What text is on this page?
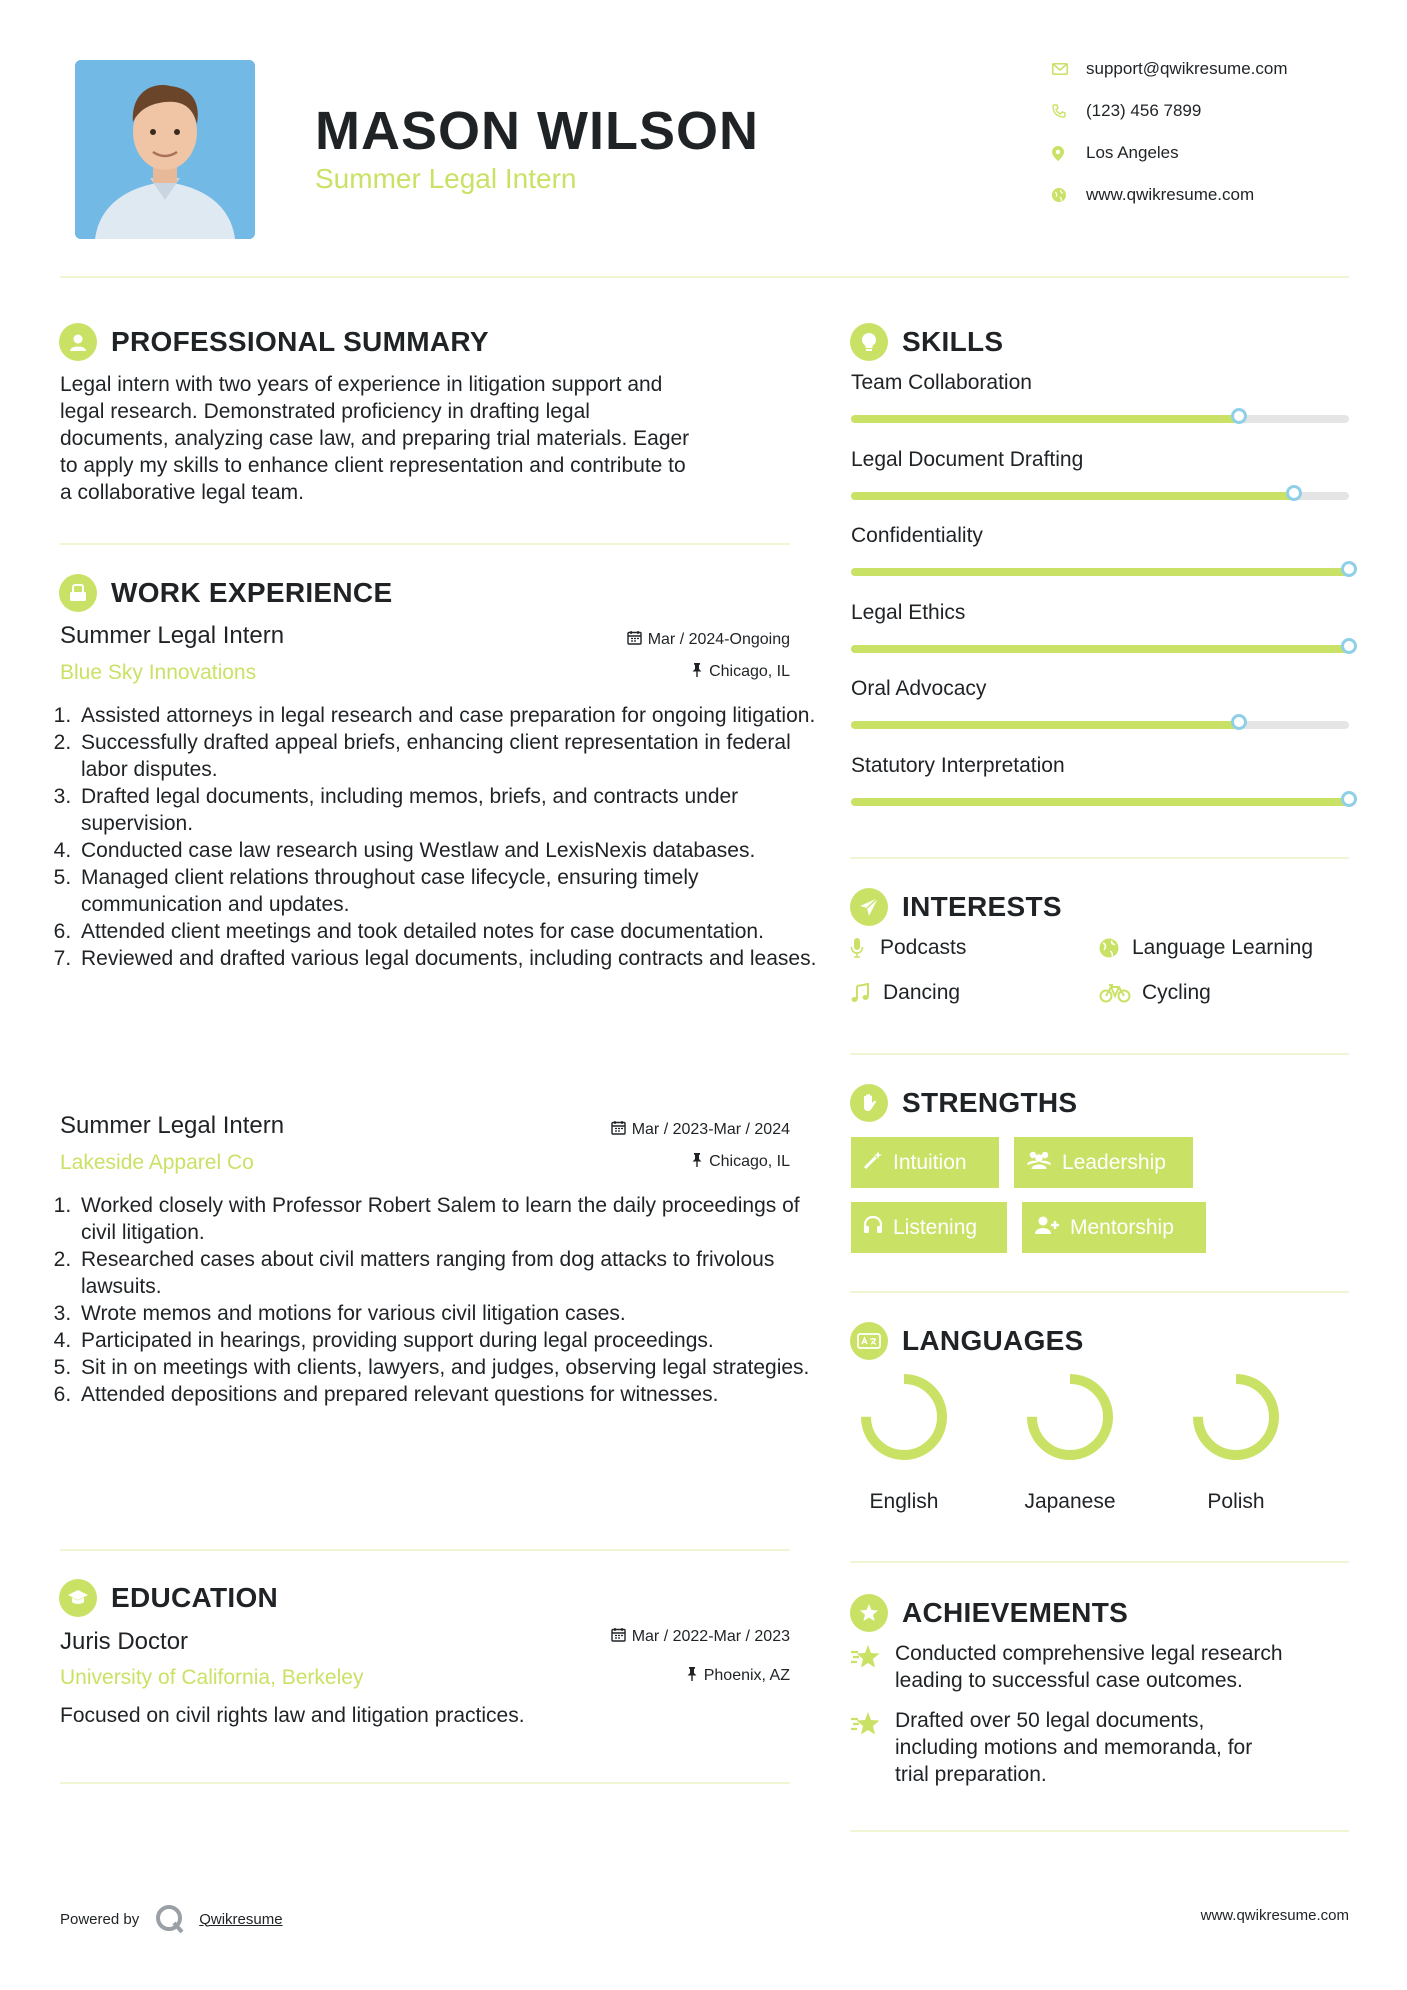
MASON WILSON
Summer Legal Intern
support@qwikresume.com
(123) 456 7899
Los Angeles
www.qwikresume.com
PROFESSIONAL SUMMARY
Legal intern with two years of experience in litigation support and
legal research. Demonstrated proficiency in drafting legal
documents, analyzing case law, and preparing trial materials. Eager
to apply my skills to enhance client representation and contribute to
a collaborative legal team.
WORK EXPERIENCE
Summer Legal Intern	Mar / 2024-Ongoing
Blue Sky Innovations	Chicago, IL
1. Assisted attorneys in legal research and case preparation for ongoing litigation.
2. Successfully drafted appeal briefs, enhancing client representation in federal labor disputes.
3. Drafted legal documents, including memos, briefs, and contracts under supervision.
4. Conducted case law research using Westlaw and LexisNexis databases.
5. Managed client relations throughout case lifecycle, ensuring timely communication and updates.
6. Attended client meetings and took detailed notes for case documentation.
7. Reviewed and drafted various legal documents, including contracts and leases.
Summer Legal Intern	Mar / 2023-Mar / 2024
Lakeside Apparel Co	Chicago, IL
1. Worked closely with Professor Robert Salem to learn the daily proceedings of civil litigation.
2. Researched cases about civil matters ranging from dog attacks to frivolous lawsuits.
3. Wrote memos and motions for various civil litigation cases.
4. Participated in hearings, providing support during legal proceedings.
5. Sit in on meetings with clients, lawyers, and judges, observing legal strategies.
6. Attended depositions and prepared relevant questions for witnesses.
EDUCATION
Juris Doctor	Mar / 2022-Mar / 2023
University of California, Berkeley	Phoenix, AZ
Focused on civil rights law and litigation practices.
SKILLS
Team Collaboration
Legal Document Drafting
Confidentiality
Legal Ethics
Oral Advocacy
Statutory Interpretation
INTERESTS
Podcasts	Language Learning
Dancing	Cycling
STRENGTHS
Intuition	Leadership
Listening	Mentorship
LANGUAGES
English	Japanese	Polish
ACHIEVEMENTS
Conducted comprehensive legal research
leading to successful case outcomes.
Drafted over 50 legal documents,
including motions and memoranda, for
trial preparation.
Powered by	Qwikresume	www.qwikresume.com
